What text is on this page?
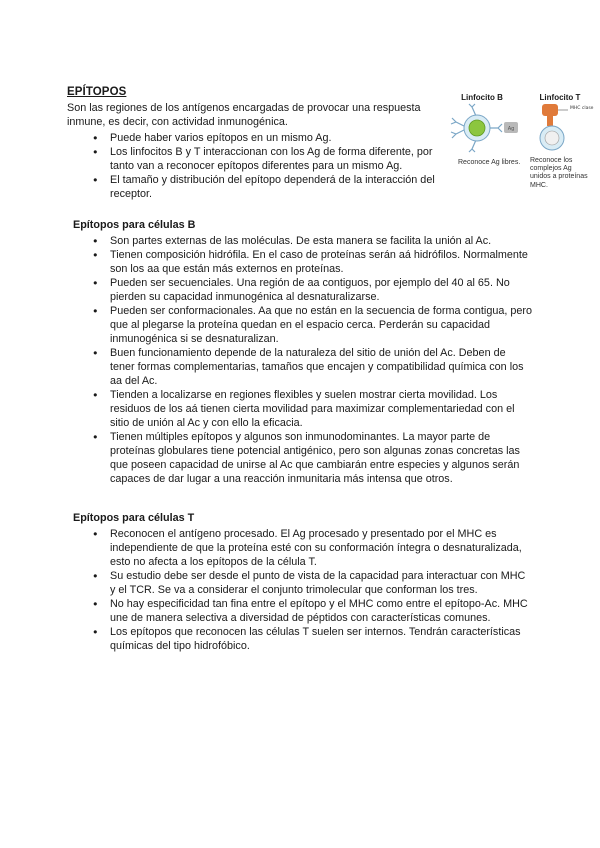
EPÍTOPOS
Son las regiones de los antígenos encargadas de provocar una respuesta inmune, es decir, con actividad inmunogénica.
● Puede haber varios epítopos en un mismo Ag.
● Los linfocitos B y T interaccionan con los Ag de forma diferente, por tanto van a reconocer epítopos diferentes para un mismo Ag.
● El tamaño y distribución del epítopo dependerá de la interacción del receptor.
Linfocito B
Ag
Reconoce Ag libres.
Linfocito T
MHC clase
Reconoce los complejos Ag unidos a proteínas MHC.
Epítopos para células B
● Son partes externas de las moléculas. De esta manera se facilita la unión al Ac.
● Tienen composición hidrófila. En el caso de proteínas serán aá hidrófilos. Normalmente son los aa que están más externos en proteínas.
● Pueden ser secuenciales. Una región de aa contiguos, por ejemplo del 40 al 65. No pierden su capacidad inmunogénica al desnaturalizarse.
● Pueden ser conformacionales. Aa que no están en la secuencia de forma contigua, pero que al plegarse la proteína quedan en el espacio cerca. Perderán su capacidad inmunogénica si se desnaturalizan.
● Buen funcionamiento depende de la naturaleza del sitio de unión del Ac. Deben de tener formas complementarias, tamaños que encajen y compatibilidad química con los aa del Ac.
● Tienden a localizarse en regiones flexibles y suelen mostrar cierta movilidad. Los residuos de los aá tienen cierta movilidad para maximizar complementariedad con el sitio de unión al Ac y con ello la eficacia.
● Tienen múltiples epítopos y algunos son inmunodominantes. La mayor parte de proteínas globulares tiene potencial antigénico, pero son algunas zonas concretas las que poseen capacidad de unirse al Ac que cambiarán entre especies y algunos serán capaces de dar lugar a una reacción inmunitaria más intensa que otros.
Epítopos para células T
● Reconocen el antígeno procesado. El Ag procesado y presentado por el MHC es independiente de que la proteína esté con su conformación íntegra o desnaturalizada, esto no afecta a los epítopos de la célula T.
● Su estudio debe ser desde el punto de vista de la capacidad para interactuar con MHC y el TCR. Se va a considerar el conjunto trimolecular que conforman los tres.
● No hay especificidad tan fina entre el epítopo y el MHC como entre el epítopo-Ac. MHC une de manera selectiva a diversidad de péptidos con características comunes.
● Los epítopos que reconocen las células T suelen ser internos. Tendrán características químicas del tipo hidrofóbico.
